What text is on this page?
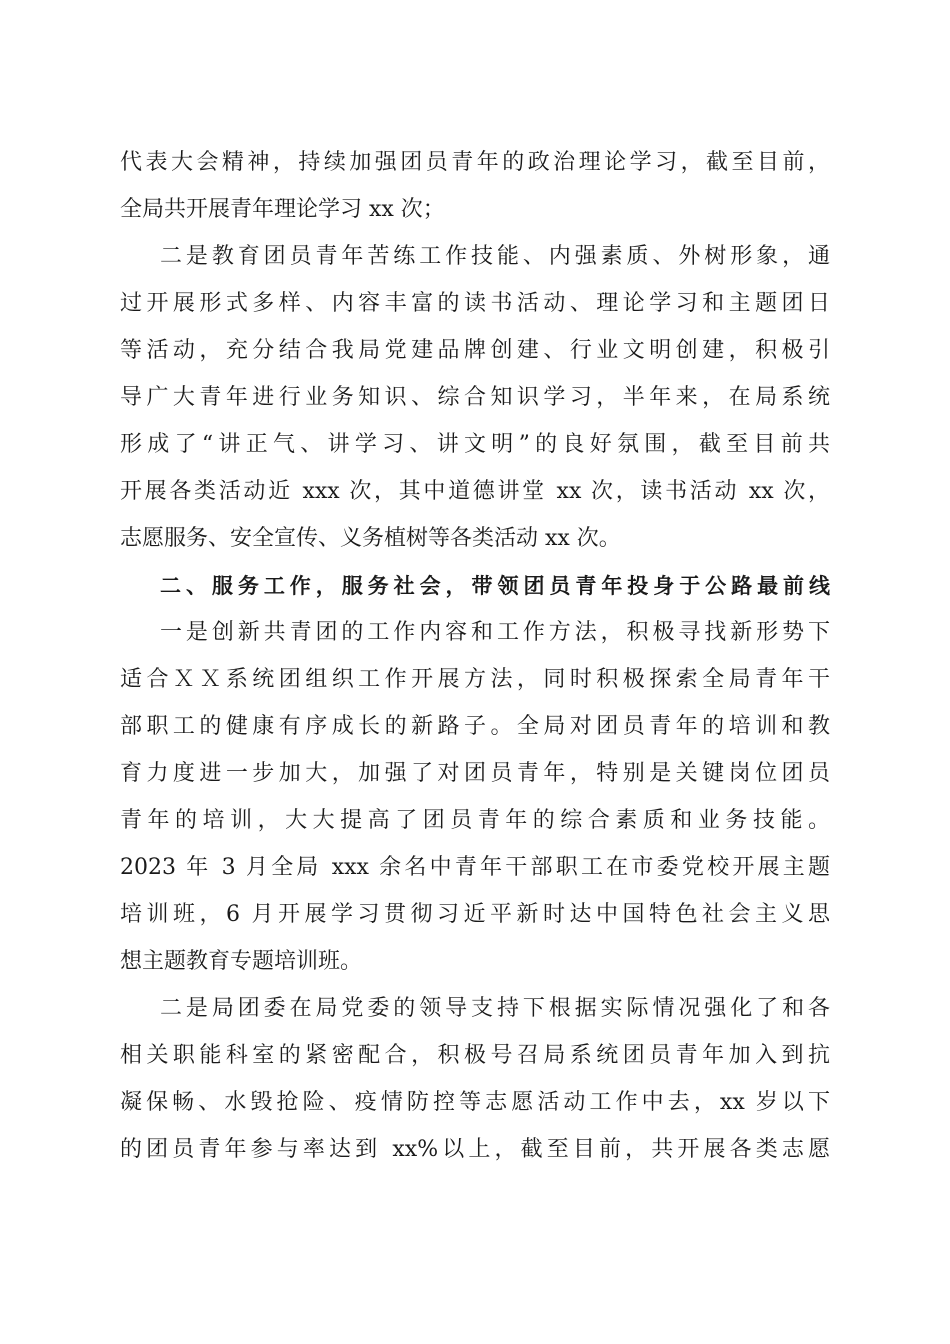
代表大会精神，持续加强团员青年的政治理论学习，截至目前，
全局共开展青年理论学习 xx 次；
二是教育团员青年苦练工作技能、内强素质、外树形象，通
过开展形式多样、内容丰富的读书活动、理论学习和主题团日
等活动，充分结合我局党建品牌创建、行业文明创建，积极引
导广大青年进行业务知识、综合知识学习，半年来，在局系统
形成了“讲正气、讲学习、讲文明”的良好氛围，截至目前共
开展各类活动近 xxx 次，其中道德讲堂 xx 次，读书活动 xx 次，
志愿服务、安全宣传、义务植树等各类活动 xx 次。
二、服务工作，服务社会，带领团员青年投身于公路最前线
一是创新共青团的工作内容和工作方法，积极寻找新形势下
适合ＸＸ系统团组织工作开展方法，同时积极探索全局青年干
部职工的健康有序成长的新路子。全局对团员青年的培训和教
育力度进一步加大，加强了对团员青年，特别是关键岗位团员
青年的培训，大大提高了团员青年的综合素质和业务技能。
2023 年 3 月全局 xxx 余名中青年干部职工在市委党校开展主题
培训班，6 月开展学习贯彻习近平新时达中国特色社会主义思
想主题教育专题培训班。
二是局团委在局党委的领导支持下根据实际情况强化了和各
相关职能科室的紧密配合，积极号召局系统团员青年加入到抗
凝保畅、水毁抢险、疫情防控等志愿活动工作中去，xx 岁以下
的团员青年参与率达到 xx%以上，截至目前，共开展各类志愿
